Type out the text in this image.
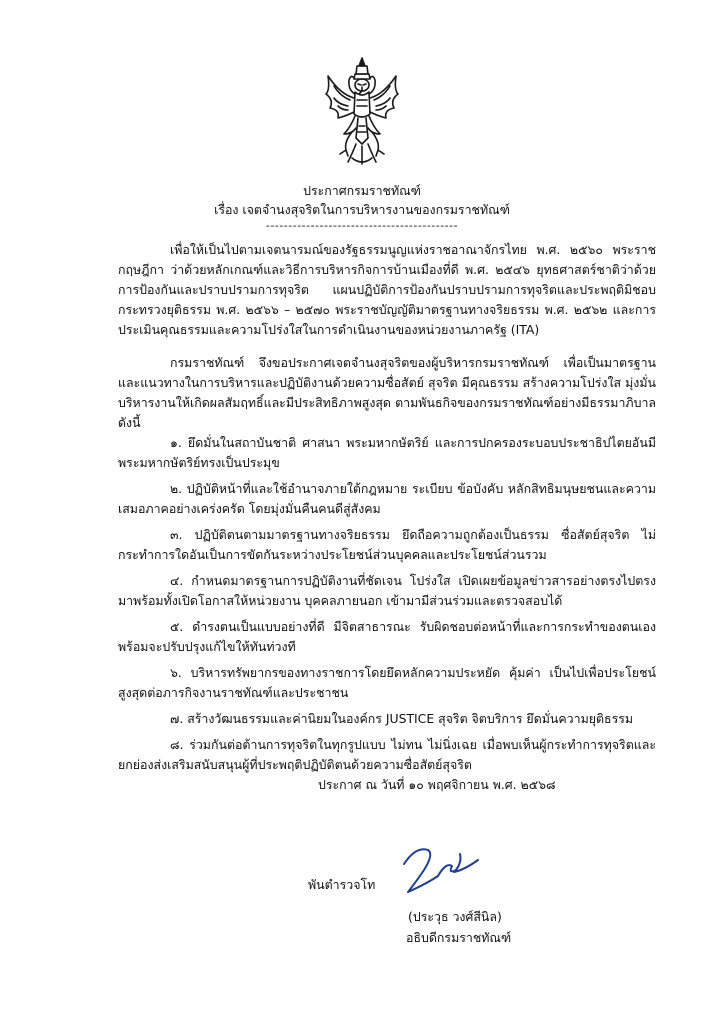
ประกาศกรมราชทัณฑ์
เรื่อง เจตจำนงสุจริตในการบริหารงานของกรมราชทัณฑ์
-------------------------------------------

เพื่อให้เป็นไปตามเจตนารมณ์ของรัฐธรรมนูญแห่งราชอาณาจักรไทย พ.ศ. ๒๕๖๐ พระราชกฤษฎีกา ว่าด้วยหลักเกณฑ์และวิธีการบริหารกิจการบ้านเมืองที่ดี พ.ศ. ๒๕๔๖ ยุทธศาสตร์ชาติว่าด้วยการป้องกันและปราบปรามการทุจริต แผนปฏิบัติการป้องกันปราบปรามการทุจริตและประพฤติมิชอบกระทรวงยุติธรรม พ.ศ. ๒๕๖๖ – ๒๕๗๐ พระราชบัญญัติมาตรฐานทางจริยธรรม พ.ศ. ๒๕๖๒ และการประเมินคุณธรรมและความโปร่งใสในการดำเนินงานของหน่วยงานภาครัฐ (ITA)

กรมราชทัณฑ์ จึงขอประกาศเจตจำนงสุจริตของผู้บริหารกรมราชทัณฑ์ เพื่อเป็นมาตรฐานและแนวทางในการบริหารและปฏิบัติงานด้วยความซื่อสัตย์ สุจริต มีคุณธรรม สร้างความโปร่งใส มุ่งมั่นบริหารงานให้เกิดผลสัมฤทธิ์และมีประสิทธิภาพสูงสุด ตามพันธกิจของกรมราชทัณฑ์อย่างมีธรรมาภิบาล ดังนี้

๑. ยึดมั่นในสถาบันชาติ ศาสนา พระมหากษัตริย์ และการปกครองระบอบประชาธิปไตยอันมีพระมหากษัตริย์ทรงเป็นประมุข

๒. ปฏิบัติหน้าที่และใช้อำนาจภายใต้กฎหมาย ระเบียบ ข้อบังคับ หลักสิทธิมนุษยชนและความเสมอภาคอย่างเคร่งครัด โดยมุ่งมั่นคืนคนดีสู่สังคม

๓. ปฏิบัติตนตามมาตรฐานทางจริยธรรม ยึดถือความถูกต้องเป็นธรรม ซื่อสัตย์สุจริต ไม่กระทำการใดอันเป็นการขัดกันระหว่างประโยชน์ส่วนบุคคลและประโยชน์ส่วนรวม

๔. กำหนดมาตรฐานการปฏิบัติงานที่ชัดเจน โปร่งใส เปิดเผยข้อมูลข่าวสารอย่างตรงไปตรงมาพร้อมทั้งเปิดโอกาสให้หน่วยงาน บุคคลภายนอก เข้ามามีส่วนร่วมและตรวจสอบได้

๕. ดำรงตนเป็นแบบอย่างที่ดี มีจิตสาธารณะ รับผิดชอบต่อหน้าที่และการกระทำของตนเองพร้อมจะปรับปรุงแก้ไขให้ทันท่วงที

๖. บริหารทรัพยากรของทางราชการโดยยึดหลักความประหยัด คุ้มค่า เป็นไปเพื่อประโยชน์สูงสุดต่อภารกิจงานราชทัณฑ์และประชาชน

๗. สร้างวัฒนธรรมและค่านิยมในองค์กร JUSTICE สุจริต จิตบริการ ยึดมั่นความยุติธรรม

๘. ร่วมกันต่อต้านการทุจริตในทุกรูปแบบ ไม่ทน ไม่นิ่งเฉย เมื่อพบเห็นผู้กระทำการทุจริตและยกย่องส่งเสริมสนับสนุนผู้ที่ประพฤติปฏิบัติตนด้วยความซื่อสัตย์สุจริต

ประกาศ ณ วันที่ ๑๐ พฤศจิกายน พ.ศ. ๒๕๖๘
พันตำรวจโท
(ประวุธ วงศ์สีนิล)
อธิบดีกรมราชทัณฑ์
